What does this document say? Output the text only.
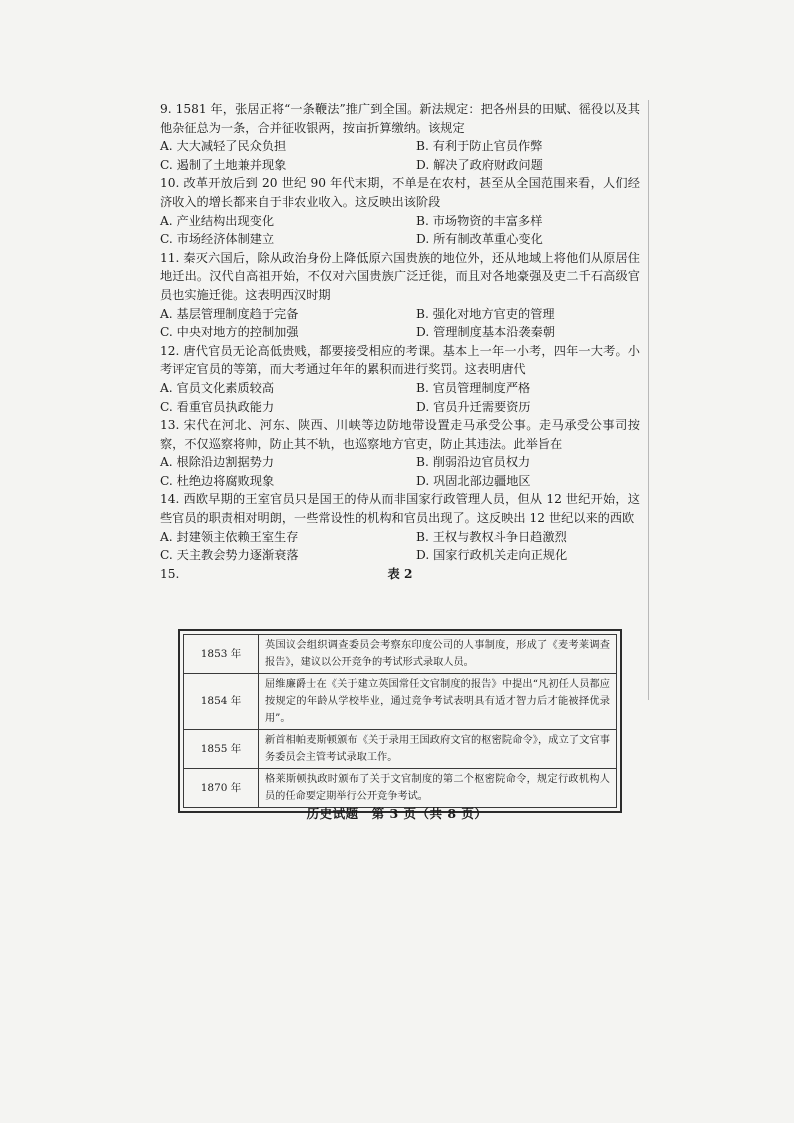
9. 1581 年，张居正将“一条鞭法”推广到全国。新法规定：把各州县的田赋、徭役以及其他杂征总为一条，合并征收银两，按亩折算缴纳。该规定

A. 大大减轻了民众负担	B. 有利于防止官员作弊
C. 遏制了土地兼并现象	D. 解决了政府财政问题

10. 改革开放后到 20 世纪 90 年代末期，不单是在农村，甚至从全国范围来看，人们经济收入的增长都来自于非农业收入。这反映出该阶段

A. 产业结构出现变化	B. 市场物资的丰富多样
C. 市场经济体制建立	D. 所有制改革重心变化

11. 秦灭六国后，除从政治身份上降低原六国贵族的地位外，还从地域上将他们从原居住地迁出。汉代自高祖开始，不仅对六国贵族广泛迁徙，而且对各地豪强及吏二千石高级官员也实施迁徙。这表明西汉时期

A. 基层管理制度趋于完备	B. 强化对地方官吏的管理
C. 中央对地方的控制加强	D. 管理制度基本沿袭秦朝

12. 唐代官员无论高低贵贱，都要接受相应的考课。基本上一年一小考，四年一大考。小考评定官员的等第，而大考通过年年的累积而进行奖罚。这表明唐代

A. 官员文化素质较高	B. 官员管理制度严格
C. 看重官员执政能力	D. 官员升迁需要资历

13. 宋代在河北、河东、陕西、川峡等边防地带设置走马承受公事。走马承受公事司按察，不仅巡察将帅，防止其不轨，也巡察地方官吏，防止其违法。此举旨在

A. 根除沿边割据势力	B. 削弱沿边官员权力
C. 杜绝边将腐败现象	D. 巩固北部边疆地区

14. 西欧早期的王室官员只是国王的侍从而非国家行政管理人员，但从 12 世纪开始，这些官员的职责相对明朗，一些常设性的机构和官员出现了。这反映出 12 世纪以来的西欧

A. 封建领主依赖王室生存	B. 王权与教权斗争日趋激烈
C. 天主教会势力逐渐衰落	D. 国家行政机关走向正规化
15.	表 2
1853 年	英国议会组织调查委员会考察东印度公司的人事制度，形成了《麦考莱调查报告》，建议以公开竞争的考试形式录取人员。
1854 年	屈维廉爵士在《关于建立英国常任文官制度的报告》中提出“凡初任人员都应按规定的年龄从学校毕业，通过竞争考试表明具有适才智力后才能被择优录用”。
1855 年	新首相帕麦斯顿颁布《关于录用王国政府文官的枢密院命令》，成立了文官事务委员会主管考试录取工作。
1870 年	格莱斯顿执政时颁布了关于文官制度的第二个枢密院命令，规定行政机构人员的任命要定期举行公开竞争考试。
历史试题　第 3 页（共 8 页）
